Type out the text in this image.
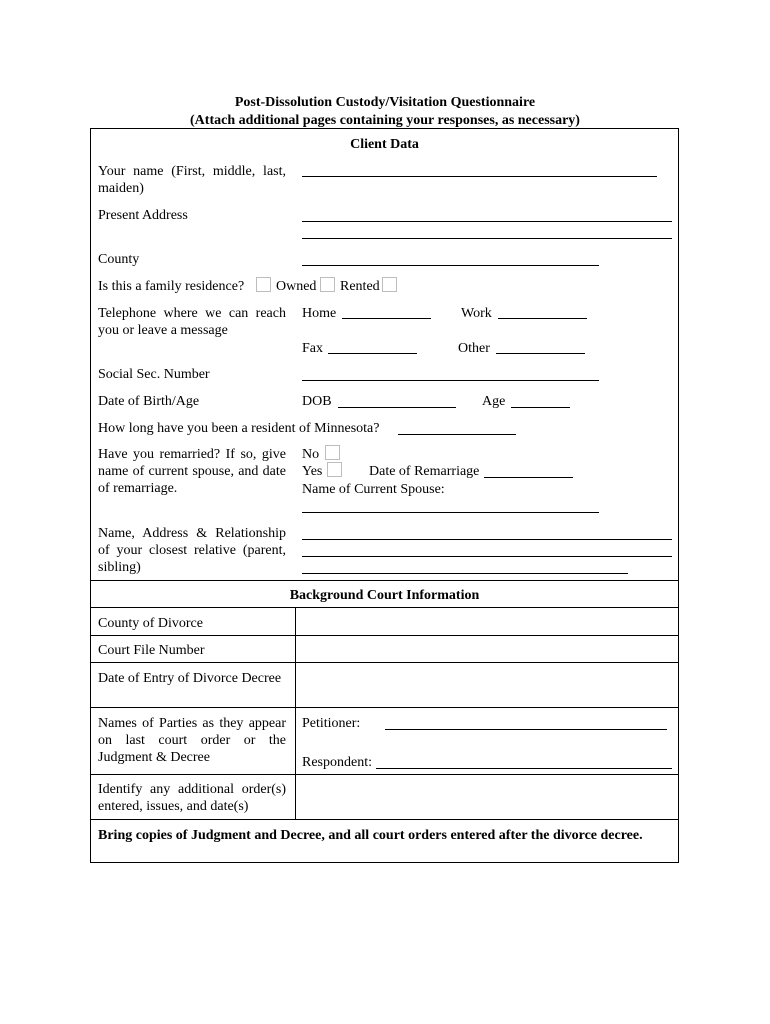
Post-Dissolution Custody/Visitation Questionnaire
(Attach additional pages containing your responses, as necessary)
Client Data
Your name (First, middle, last, maiden)
Present Address
County
Is this a family residence? Owned Rented
Telephone where we can reach you or leave a message
Home	Work
Fax	Other
Social Sec. Number
Date of Birth/Age	DOB	Age
How long have you been a resident of Minnesota?
Have you remarried? If so, give name of current spouse, and date of remarriage.
No
Yes	Date of Remarriage
Name of Current Spouse:
Name, Address & Relationship of your closest relative (parent, sibling)
Background Court Information
County of Divorce
Court File Number
Date of Entry of Divorce Decree
Names of Parties as they appear on last court order or the Judgment & Decree
Petitioner:
Respondent:
Identify any additional order(s) entered, issues, and date(s)
Bring copies of Judgment and Decree, and all court orders entered after the divorce decree.
